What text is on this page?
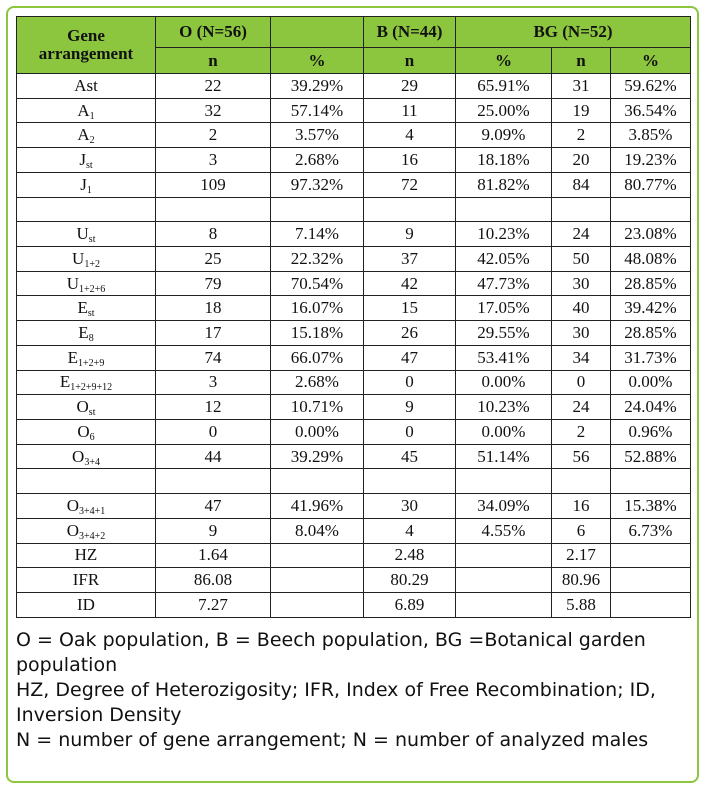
Gene
arrangement	O (N=56)		B (N=44)	BG (N=52)		
	n	%	n	%	n	%
Ast	22	39.29%	29	65.91%	31	59.62%
$A_1$	32	57.14%	11	25.00%	19	36.54%
$A_2$	2	3.57%	4	9.09%	2	3.85%
$J_{st}$	3	2.68%	16	18.18%	20	19.23%
$J_1$	109	97.32%	72	81.82%	84	80.77%

$U_{st}$	8	7.14%	9	10.23%	24	23.08%
$U_{1+2}$	25	22.32%	37	42.05%	50	48.08%
$U_{1+2+6}$	79	70.54%	42	47.73%	30	28.85%
$E_{st}$	18	16.07%	15	17.05%	40	39.42%
$E_8$	17	15.18%	26	29.55%	30	28.85%
$E_{1+2+9}$	74	66.07%	47	53.41%	34	31.73%
$E_{1+2+9+12}$	3	2.68%	0	0.00%	0	0.00%
$O_{st}$	12	10.71%	9	10.23%	24	24.04%
$O_6$	0	0.00%	0	0.00%	2	0.96%
$O_{3+4}$	44	39.29%	45	51.14%	56	52.88%

$O_{3+4+1}$	47	41.96%	30	34.09%	16	15.38%
$O_{3+4+2}$	9	8.04%	4	4.55%	6	6.73%
HZ	1.64		2.48		2.17	
IFR	86.08		80.29		80.96	
ID	7.27		6.89		5.88	

O = Oak population, B = Beech population, BG =Botanical garden population

HZ, Degree of Heterozigosity; IFR, Index of Free Recombination; ID, Inversion Density

N = number of gene arrangement; N = number of analyzed males
